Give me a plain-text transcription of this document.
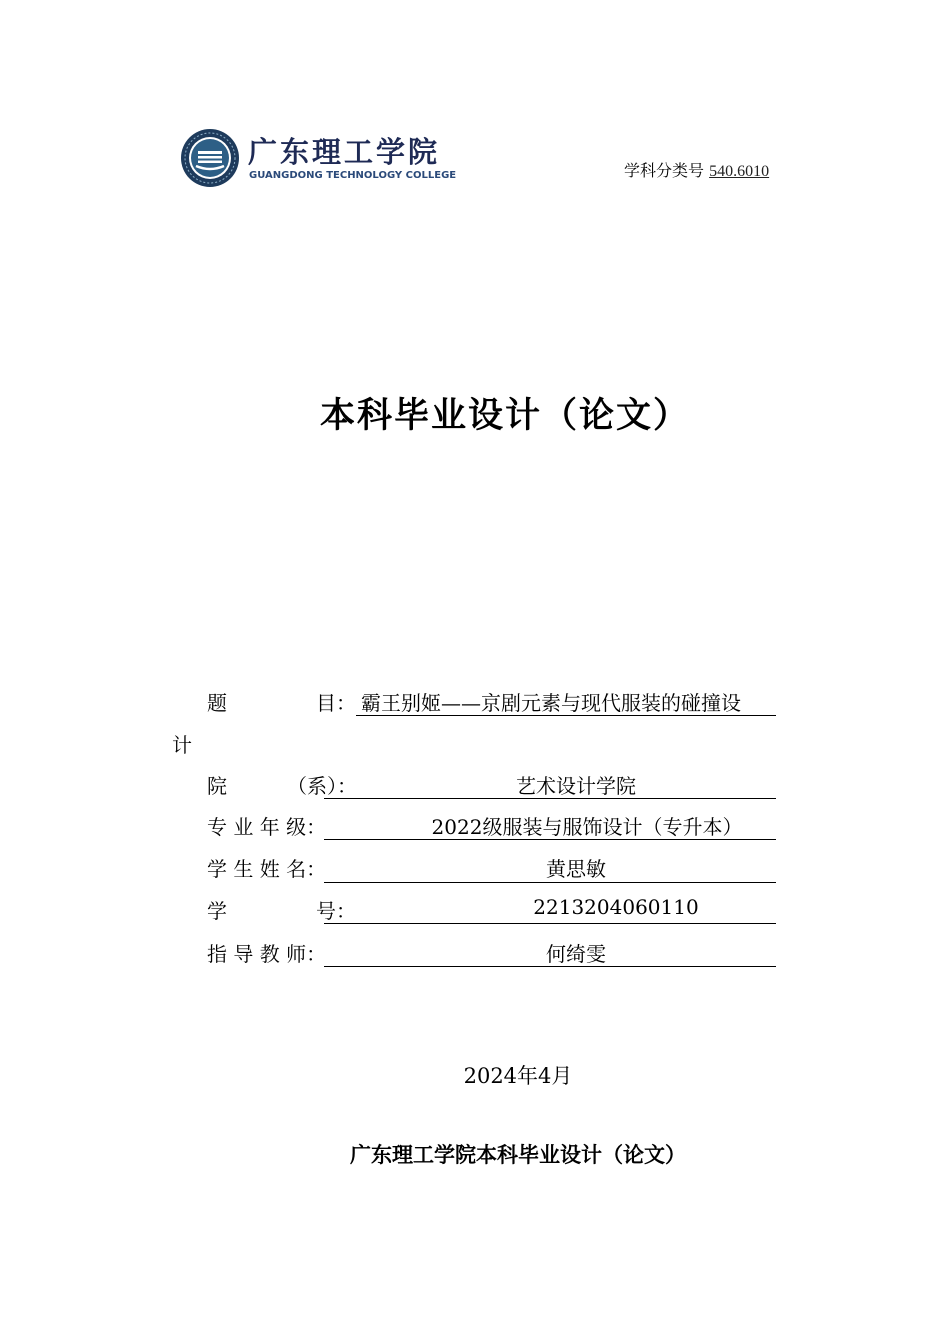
广东理工学院
GUANGDONG TECHNOLOGY COLLEGE	学科分类号 540.6010
本科毕业设计（论文）
题	目： 霸王别姬——京剧元素与现代服装的碰撞设
计
院	（系）：	艺术设计学院
专 业 年 级：	2022级服装与服饰设计（专升本）
学 生 姓 名：	黄思敏
学	号：	2213204060110
指 导 教 师：	何绮雯
2024年4月
广东理工学院本科毕业设计（论文）
